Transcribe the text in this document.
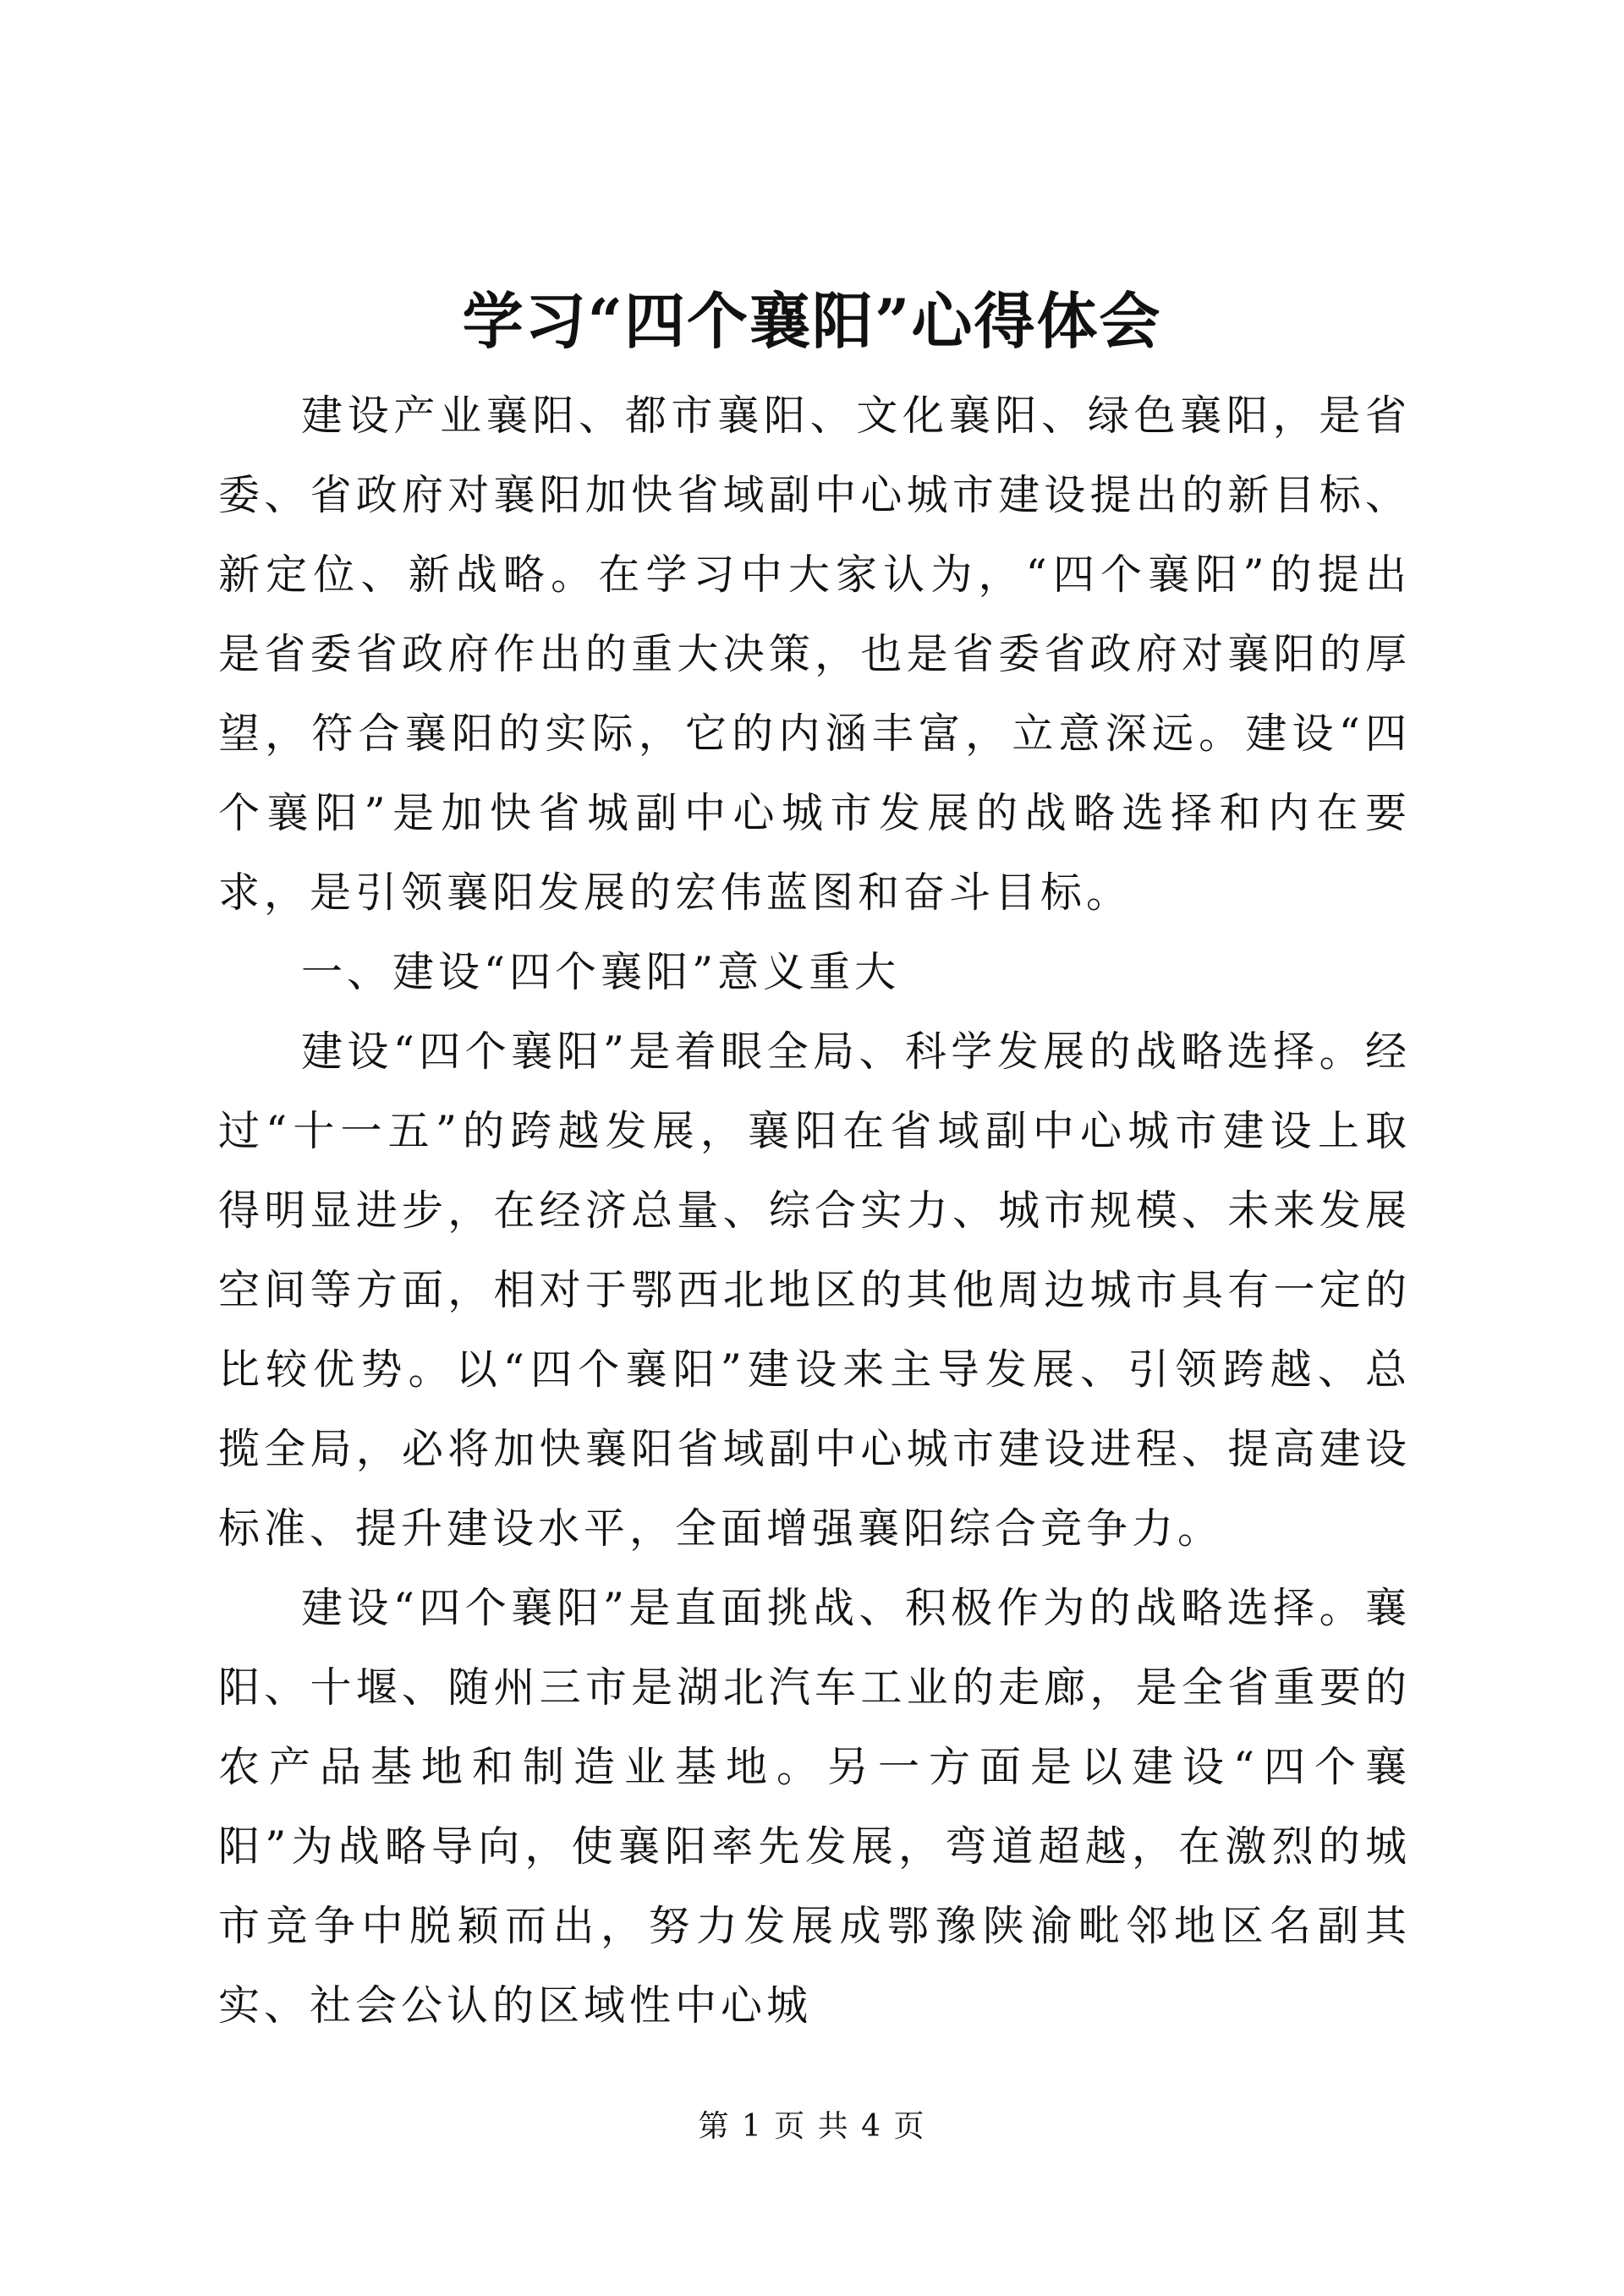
学习“四个襄阳”心得体会

建设产业襄阳、都市襄阳、文化襄阳、绿色襄阳，是省委、省政府对襄阳加快省域副中心城市建设提出的新目标、新定位、新战略。在学习中大家认为，“四个襄阳”的提出是省委省政府作出的重大决策，也是省委省政府对襄阳的厚望，符合襄阳的实际，它的内涵丰富，立意深远。建设“四个襄阳”是加快省城副中心城市发展的战略选择和内在要求，是引领襄阳发展的宏伟蓝图和奋斗目标。

一、建设“四个襄阳”意义重大

建设“四个襄阳”是着眼全局、科学发展的战略选择。经过“十一五”的跨越发展，襄阳在省域副中心城市建设上取得明显进步，在经济总量、综合实力、城市规模、未来发展空间等方面，相对于鄂西北地区的其他周边城市具有一定的比较优势。以“四个襄阳”建设来主导发展、引领跨越、总揽全局，必将加快襄阳省域副中心城市建设进程、提高建设标准、提升建设水平，全面增强襄阳综合竞争力。

建设“四个襄阳”是直面挑战、积极作为的战略选择。襄阳、十堰、随州三市是湖北汽车工业的走廊，是全省重要的农产品基地和制造业基地。另一方面是以建设“四个襄阳”为战略导向，使襄阳率先发展，弯道超越，在激烈的城市竞争中脱颖而出，努力发展成鄂豫陕渝毗邻地区名副其实、社会公认的区域性中心城

第 1 页 共 4 页
